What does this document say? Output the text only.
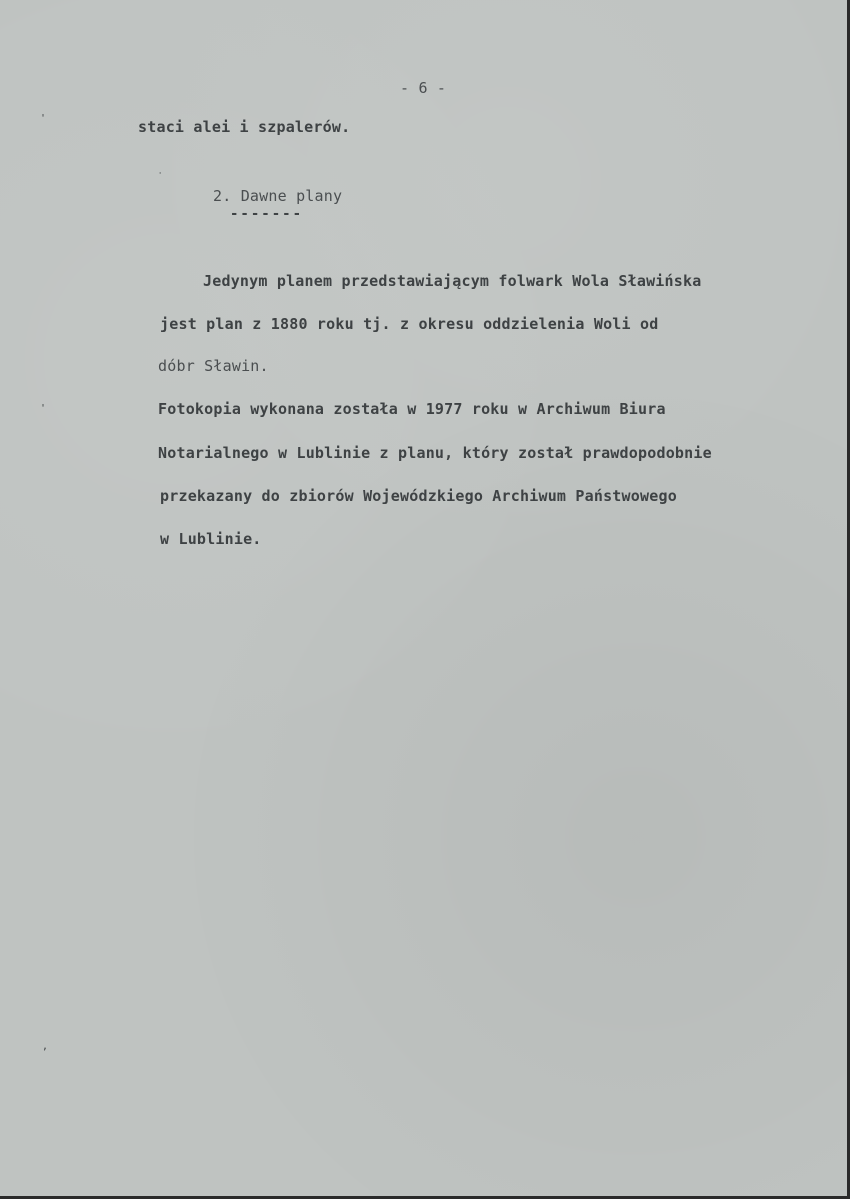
- 6 -
staci alei i szpalerów.
2. Dawne plany
-------
Jedynym planem przedstawiającym folwark Wola Sławińska
jest plan z 1880 roku tj. z okresu oddzielenia Woli od
dóbr Sławin.
Fotokopia wykonana została w 1977 roku w Archiwum Biura
Notarialnego w Lublinie z planu, który został prawdopodobnie
przekazany do zbiorów Wojewódzkiego Archiwum Państwowego
w Lublinie.
'
'
,
'
